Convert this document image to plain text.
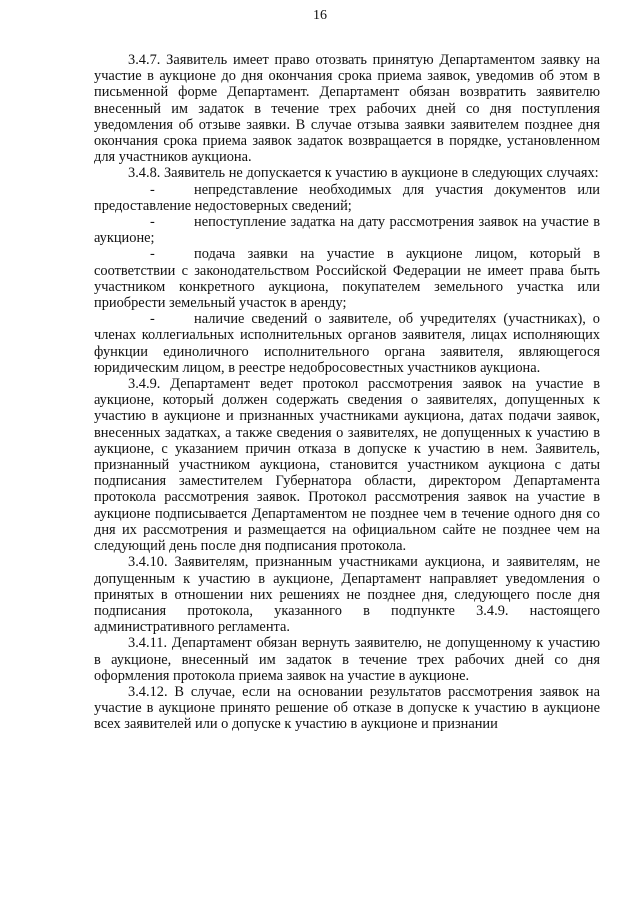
16

3.4.7. Заявитель имеет право отозвать принятую Департаментом заявку на участие в аукционе до дня окончания срока приема заявок, уведомив об этом в письменной форме Департамент. Департамент обязан возвратить заявителю внесенный им задаток в течение трех рабочих дней со дня поступления уведомления об отзыве заявки. В случае отзыва заявки заявителем позднее дня окончания срока приема заявок задаток возвращается в порядке, установленном для участников аукциона.

3.4.8. Заявитель не допускается к участию в аукционе в следующих случаях:

-	непредставление необходимых для участия документов или предоставление недостоверных сведений;

-	непоступление задатка на дату рассмотрения заявок на участие в аукционе;

-	подача заявки на участие в аукционе лицом, который в соответствии с законодательством Российской Федерации не имеет права быть участником конкретного аукциона, покупателем земельного участка или приобрести земельный участок в аренду;

-	наличие сведений о заявителе, об учредителях (участниках), о членах коллегиальных исполнительных органов заявителя, лицах исполняющих функции единоличного исполнительного органа заявителя, являющегося юридическим лицом, в реестре недобросовестных участников аукциона.

3.4.9. Департамент ведет протокол рассмотрения заявок на участие в аукционе, который должен содержать сведения о заявителях, допущенных к участию в аукционе и признанных участниками аукциона, датах подачи заявок, внесенных задатках, а также сведения о заявителях, не допущенных к участию в аукционе, с указанием причин отказа в допуске к участию в нем. Заявитель, признанный участником аукциона, становится участником аукциона с даты подписания заместителем Губернатора области, директором Департамента протокола рассмотрения заявок. Протокол рассмотрения заявок на участие в аукционе подписывается Департаментом не позднее чем в течение одного дня со дня их рассмотрения и размещается на официальном сайте не позднее чем на следующий день после дня подписания протокола.

3.4.10. Заявителям, признанным участниками аукциона, и заявителям, не допущенным к участию в аукционе, Департамент направляет уведомления о принятых в отношении них решениях не позднее дня, следующего после дня подписания протокола, указанного в подпункте 3.4.9. настоящего административного регламента.

3.4.11. Департамент обязан вернуть заявителю, не допущенному к участию в аукционе, внесенный им задаток в течение трех рабочих дней со дня оформления протокола приема заявок на участие в аукционе.

3.4.12. В случае, если на основании результатов рассмотрения заявок на участие в аукционе принято решение об отказе в допуске к участию в аукционе всех заявителей или о допуске к участию в аукционе и признании
